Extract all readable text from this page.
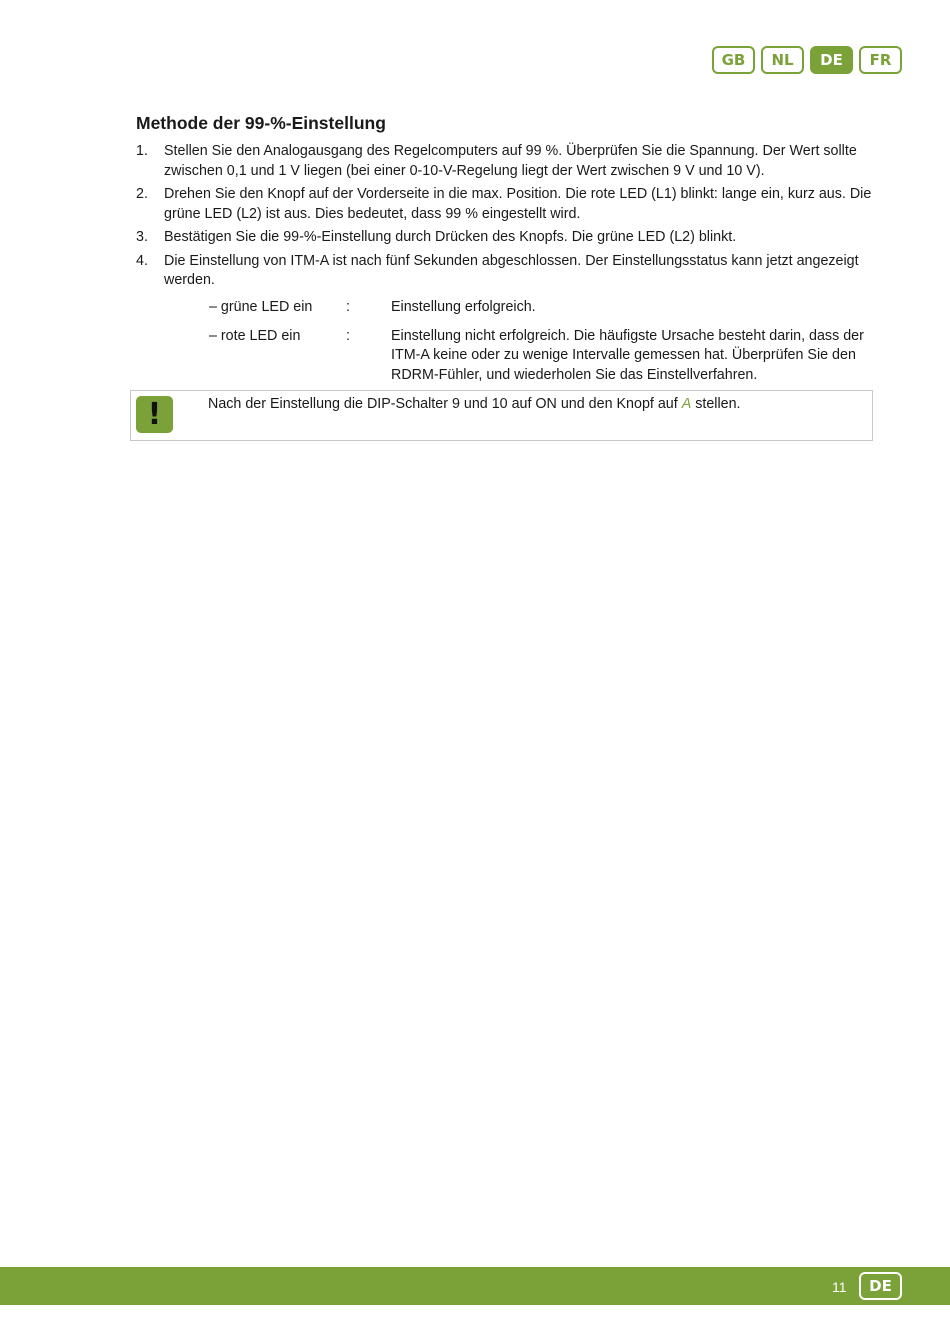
GB	NL	DE	FR
Methode der 99-%-Einstellung
1.	Stellen Sie den Analogausgang des Regelcomputers auf 99 %. Überprüfen Sie die Spannung. Der Wert sollte zwischen 0,1 und 1 V liegen (bei einer 0-10-V-Regelung liegt der Wert zwischen 9 V und 10 V).
2.	Drehen Sie den Knopf auf der Vorderseite in die max. Position. Die rote LED (L1) blinkt: lange ein, kurz aus. Die grüne LED (L2) ist aus. Dies bedeutet, dass 99 % eingestellt wird.
3.	Bestätigen Sie die 99-%-Einstellung durch Drücken des Knopfs. Die grüne LED (L2) blinkt.
4.	Die Einstellung von ITM-A ist nach fünf Sekunden abgeschlossen. Der Einstellungsstatus kann jetzt angezeigt werden.
– grüne LED ein	:	Einstellung erfolgreich.
– rote LED ein	:	Einstellung nicht erfolgreich. Die häufigste Ursache besteht darin, dass der ITM-A keine oder zu wenige Intervalle gemessen hat. Überprüfen Sie den RDRM-Fühler, und wiederholen Sie das Einstellverfahren.
!	Nach der Einstellung die DIP-Schalter 9 und 10 auf ON und den Knopf auf A stellen.
11	DE
